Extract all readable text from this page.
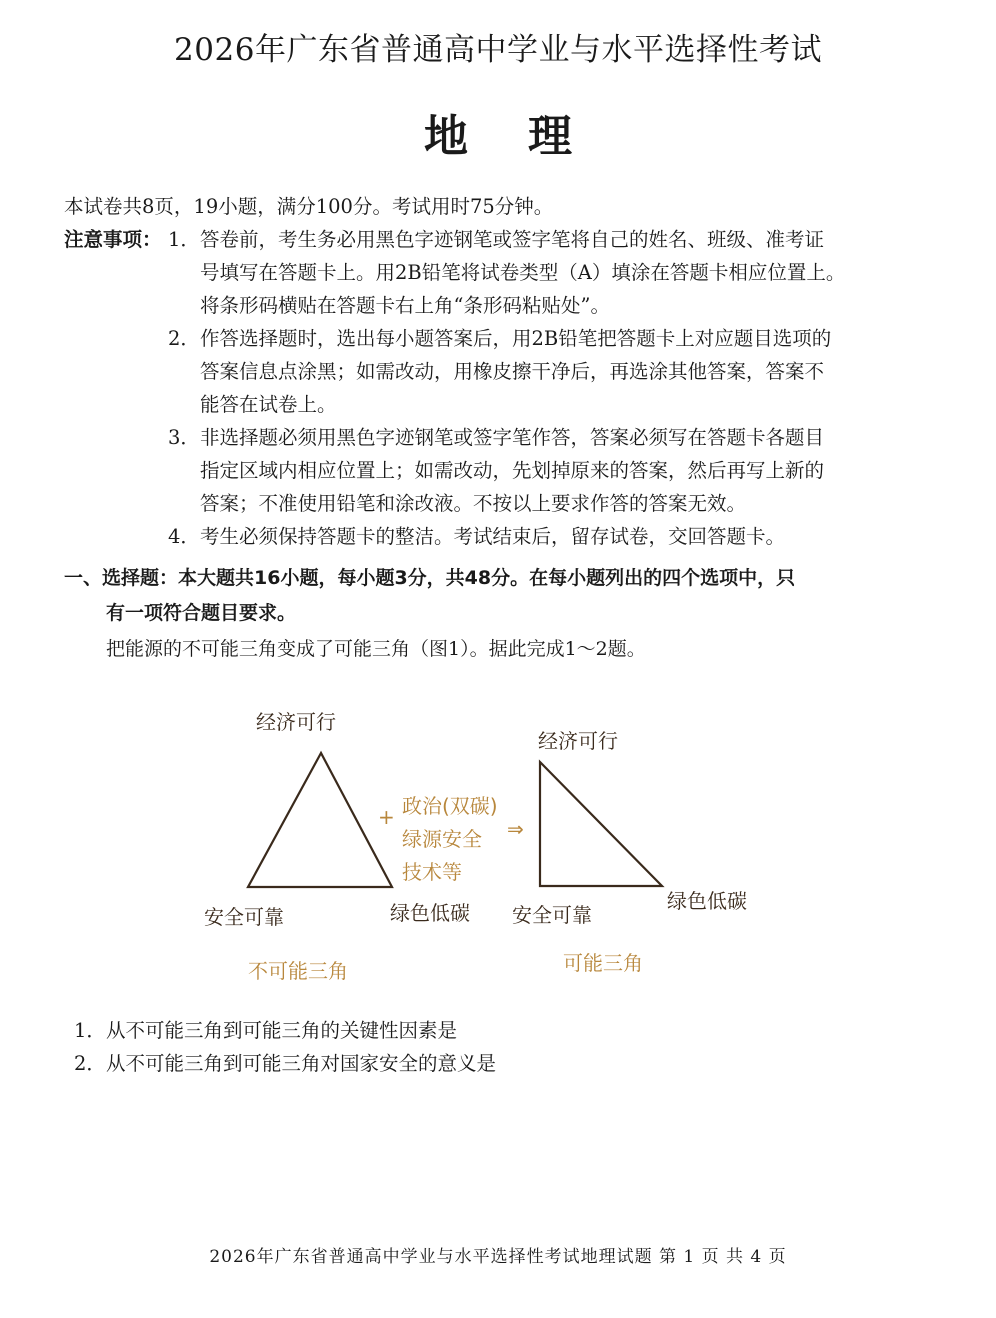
2026年广东省普通高中学业与水平选择性考试
地 理
本试卷共8页，19小题，满分100分。考试用时75分钟。
注意事项： 1．答卷前，考生务必用黑色字迹钢笔或签字笔将自己的姓名、班级、准考证
号填写在答题卡上。用2B铅笔将试卷类型（A）填涂在答题卡相应位置上。
将条形码横贴在答题卡右上角“条形码粘贴处”。
2．作答选择题时，选出每小题答案后，用2B铅笔把答题卡上对应题目选项的
答案信息点涂黑；如需改动，用橡皮擦干净后，再选涂其他答案，答案不
能答在试卷上。
3．非选择题必须用黑色字迹钢笔或签字笔作答，答案必须写在答题卡各题目
指定区域内相应位置上；如需改动，先划掉原来的答案，然后再写上新的
答案；不准使用铅笔和涂改液。不按以上要求作答的答案无效。
4．考生必须保持答题卡的整洁。考试结束后，留存试卷，交回答题卡。
一、选择题：本大题共16小题，每小题3分，共48分。在每小题列出的四个选项中，只
有一项符合题目要求。
把能源的不可能三角变成了可能三角（图1）。据此完成1～2题。
经济可行
安全可靠	绿色低碳
不可能三角
+ 政治(双碳)
绿源安全
技术等
⇒
经济可行
安全可靠
绿色低碳
可能三角
1．从不可能三角到可能三角的关键性因素是
2．从不可能三角到可能三角对国家安全的意义是
2026年广东省普通高中学业与水平选择性考试地理试题 第 1 页 共 4 页
